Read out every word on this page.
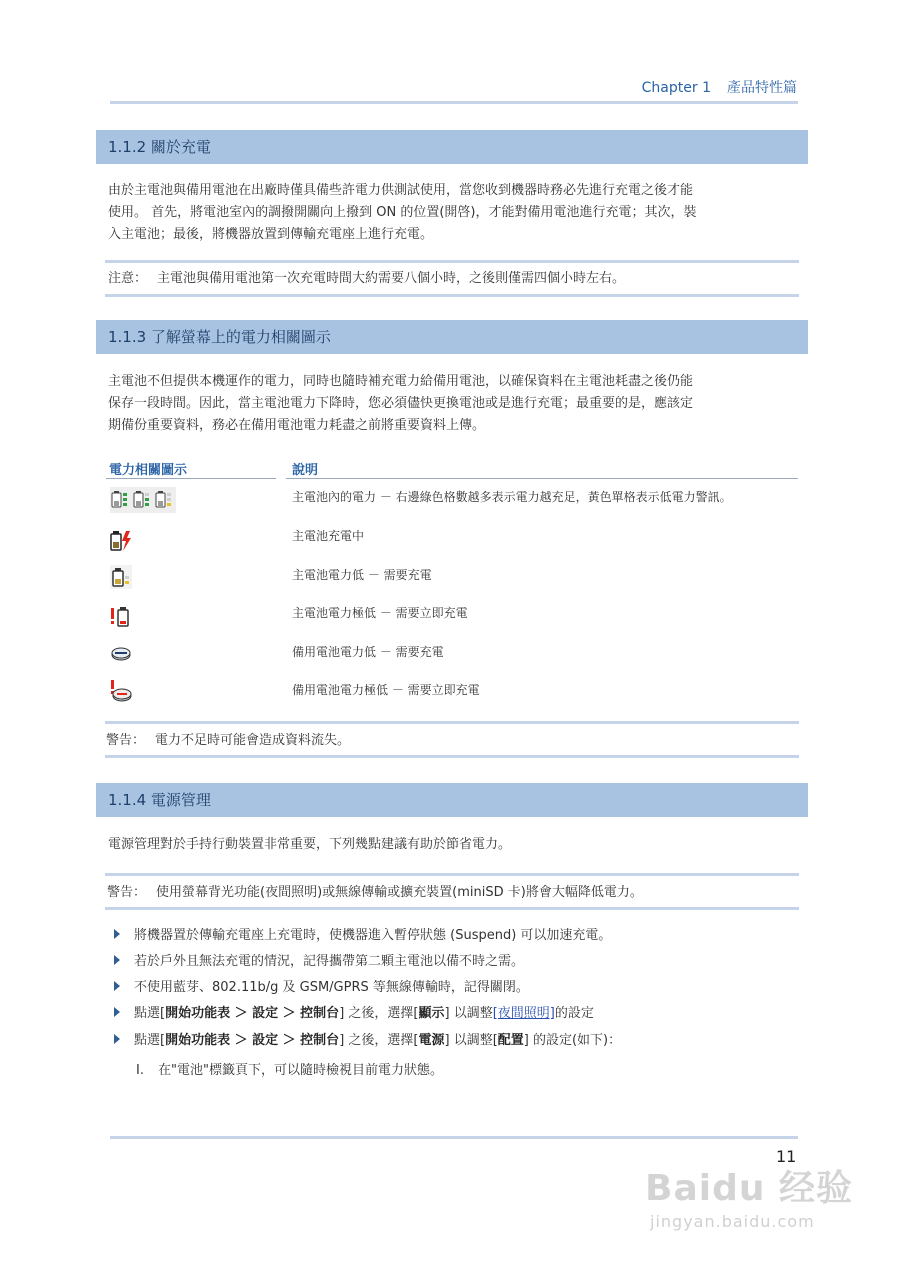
Chapter 1 產品特性篇
1.1.2 關於充電
由於主電池與備用電池在出廠時僅具備些許電力供測試使用，當您收到機器時務必先進行充電之後才能
使用。 首先，將電池室內的調撥開關向上撥到 ON 的位置(開啓)，才能對備用電池進行充電；其次，裝
入主電池；最後，將機器放置到傳輸充電座上進行充電。
注意： 主電池與備用電池第一次充電時間大約需要八個小時，之後則僅需四個小時左右。
1.1.3 了解螢幕上的電力相關圖示
主電池不但提供本機運作的電力，同時也隨時補充電力給備用電池，以確保資料在主電池耗盡之後仍能
保存一段時間。因此，當主電池電力下降時，您必須儘快更換電池或是進行充電；最重要的是，應該定
期備份重要資料，務必在備用電池電力耗盡之前將重要資料上傳。
電力相關圖示	說明
主電池內的電力 － 右邊綠色格數越多表示電力越充足，黃色單格表示低電力警訊。
主電池充電中
主電池電力低 － 需要充電
主電池電力極低 － 需要立即充電
備用電池電力低 － 需要充電
備用電池電力極低 － 需要立即充電
警告： 電力不足時可能會造成資料流失。
1.1.4 電源管理
電源管理對於手持行動裝置非常重要，下列幾點建議有助於節省電力。
警告： 使用螢幕背光功能(夜間照明)或無線傳輸或擴充裝置(miniSD 卡)將會大幅降低電力。
將機器置於傳輸充電座上充電時，使機器進入暫停狀態 (Suspend) 可以加速充電。
若於戶外且無法充電的情況，記得攜帶第二顆主電池以備不時之需。
不使用藍芽、802.11b/g 及 GSM/GPRS 等無線傳輸時，記得關閉。
點選[開始功能表 ＞ 設定 ＞ 控制台] 之後，選擇[顯示] 以調整[夜間照明]的設定
點選[開始功能表 ＞ 設定 ＞ 控制台] 之後，選擇[電源] 以調整[配置] 的設定(如下)：
I. 在"電池"標籤頁下，可以隨時檢視目前電力狀態。
11
Baidu 经验
jingyan.baidu.com
